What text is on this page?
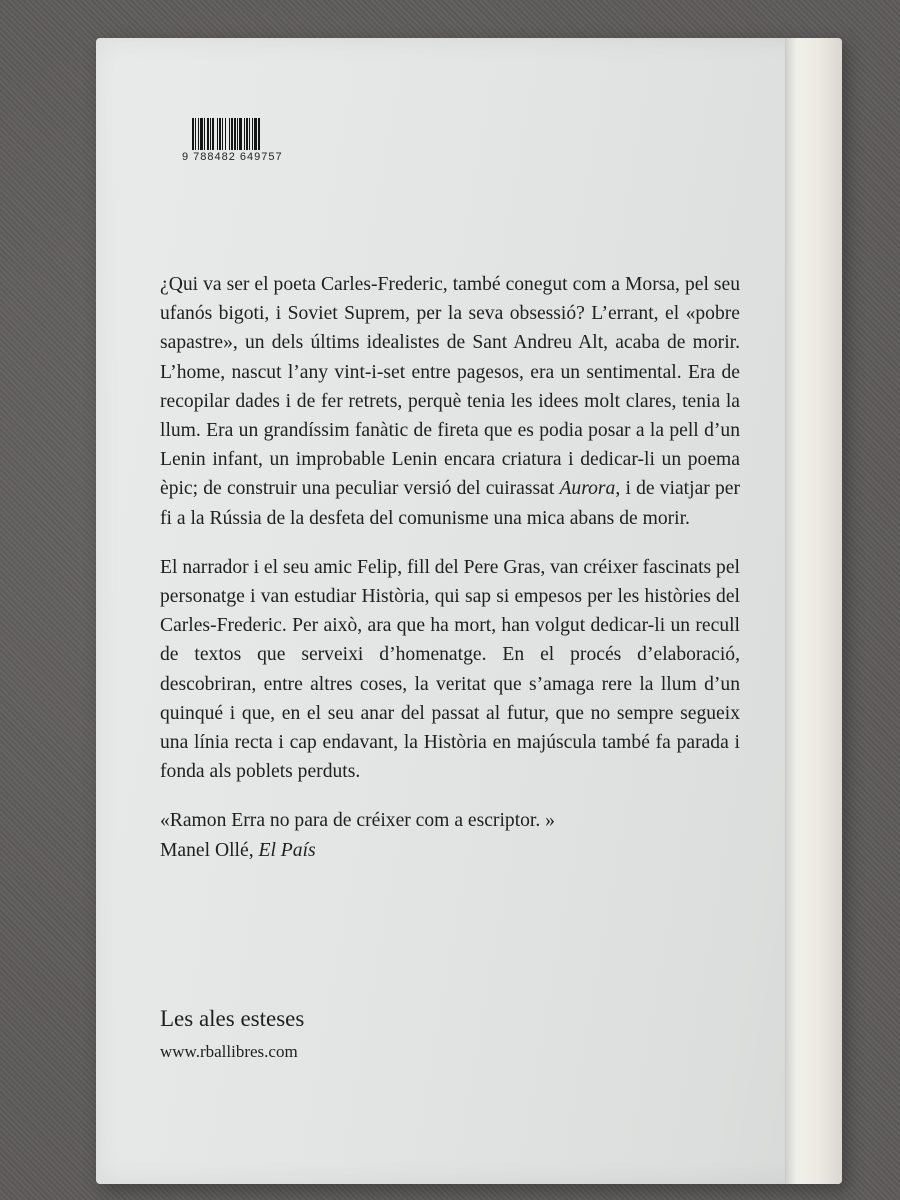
9 788482 649757

¿Qui va ser el poeta Carles-Frederic, també conegut com a Morsa, pel seu ufanós bigoti, i Soviet Suprem, per la seva obsessió? L’errant, el «pobre sapastre», un dels últims idealistes de Sant Andreu Alt, acaba de morir. L’home, nascut l’any vint-i-set entre pagesos, era un sentimental. Era de recopilar dades i de fer retrets, perquè tenia les idees molt clares, tenia la llum. Era un grandíssim fanàtic de fireta que es podia posar a la pell d’un Lenin infant, un improbable Lenin encara criatura i dedicar-li un poema èpic; de construir una peculiar versió del cuirassat Aurora, i de viatjar per fi a la Rússia de la desfeta del comunisme una mica abans de morir.

El narrador i el seu amic Felip, fill del Pere Gras, van créixer fascinats pel personatge i van estudiar Història, qui sap si empesos per les històries del Carles-Frederic. Per això, ara que ha mort, han volgut dedicar-li un recull de textos que serveixi d’homenatge. En el procés d’elaboració, descobriran, entre altres coses, la veritat que s’amaga rere la llum d’un quinqué i que, en el seu anar del passat al futur, que no sempre segueix una línia recta i cap endavant, la Història en majúscula també fa parada i fonda als poblets perduts.

«Ramon Erra no para de créixer com a escriptor. »
Manel Ollé, El País

Les ales esteses
www.rballibres.com
